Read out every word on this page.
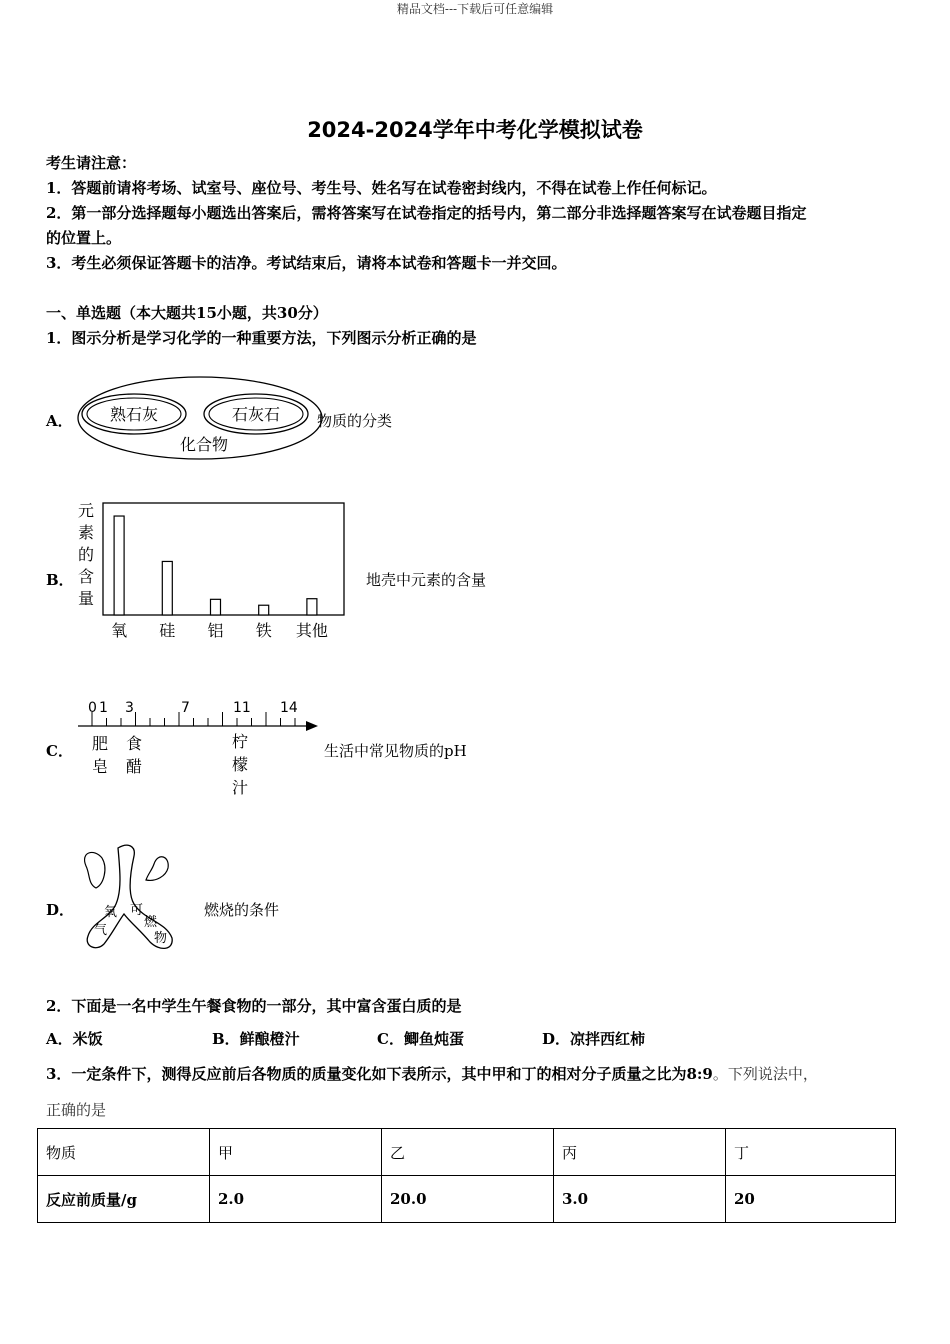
精品文档---下载后可任意编辑
2024-2024学年中考化学模拟试卷
考生请注意：
1．答题前请将考场、试室号、座位号、考生号、姓名写在试卷密封线内，不得在试卷上作任何标记。
2．第一部分选择题每小题选出答案后，需将答案写在试卷指定的括号内，第二部分非选择题答案写在试卷题目指定
的位置上。
3．考生必须保证答题卡的洁净。考试结束后，请将本试卷和答题卡一并交回。
一、单选题（本大题共15小题，共30分）
1．图示分析是学习化学的一种重要方法，下列图示分析正确的是
A． 熟石灰	石灰石
化合物
物质的分类
B．
元
素
的
含
量
氧 硅 铝 铁 其他
地壳中元素的含量
C．
0 1 3	7	11 14
肥
皂
食
醋
柠
檬
汁
生活中常见物质的pH
D． 氧
气
可
燃
物
燃烧的条件
2．下面是一名中学生午餐食物的一部分，其中富含蛋白质的是
A．米饭	B．鲜酿橙汁	C．鲫鱼炖蛋	D．凉拌西红柿
3．一定条件下，测得反应前后各物质的质量变化如下表所示，其中甲和丁的相对分子质量之比为8:9。下列说法中，
正确的是
物质	甲	乙	丙	丁
反应前质量/g	2.0	20.0	3.0	20
